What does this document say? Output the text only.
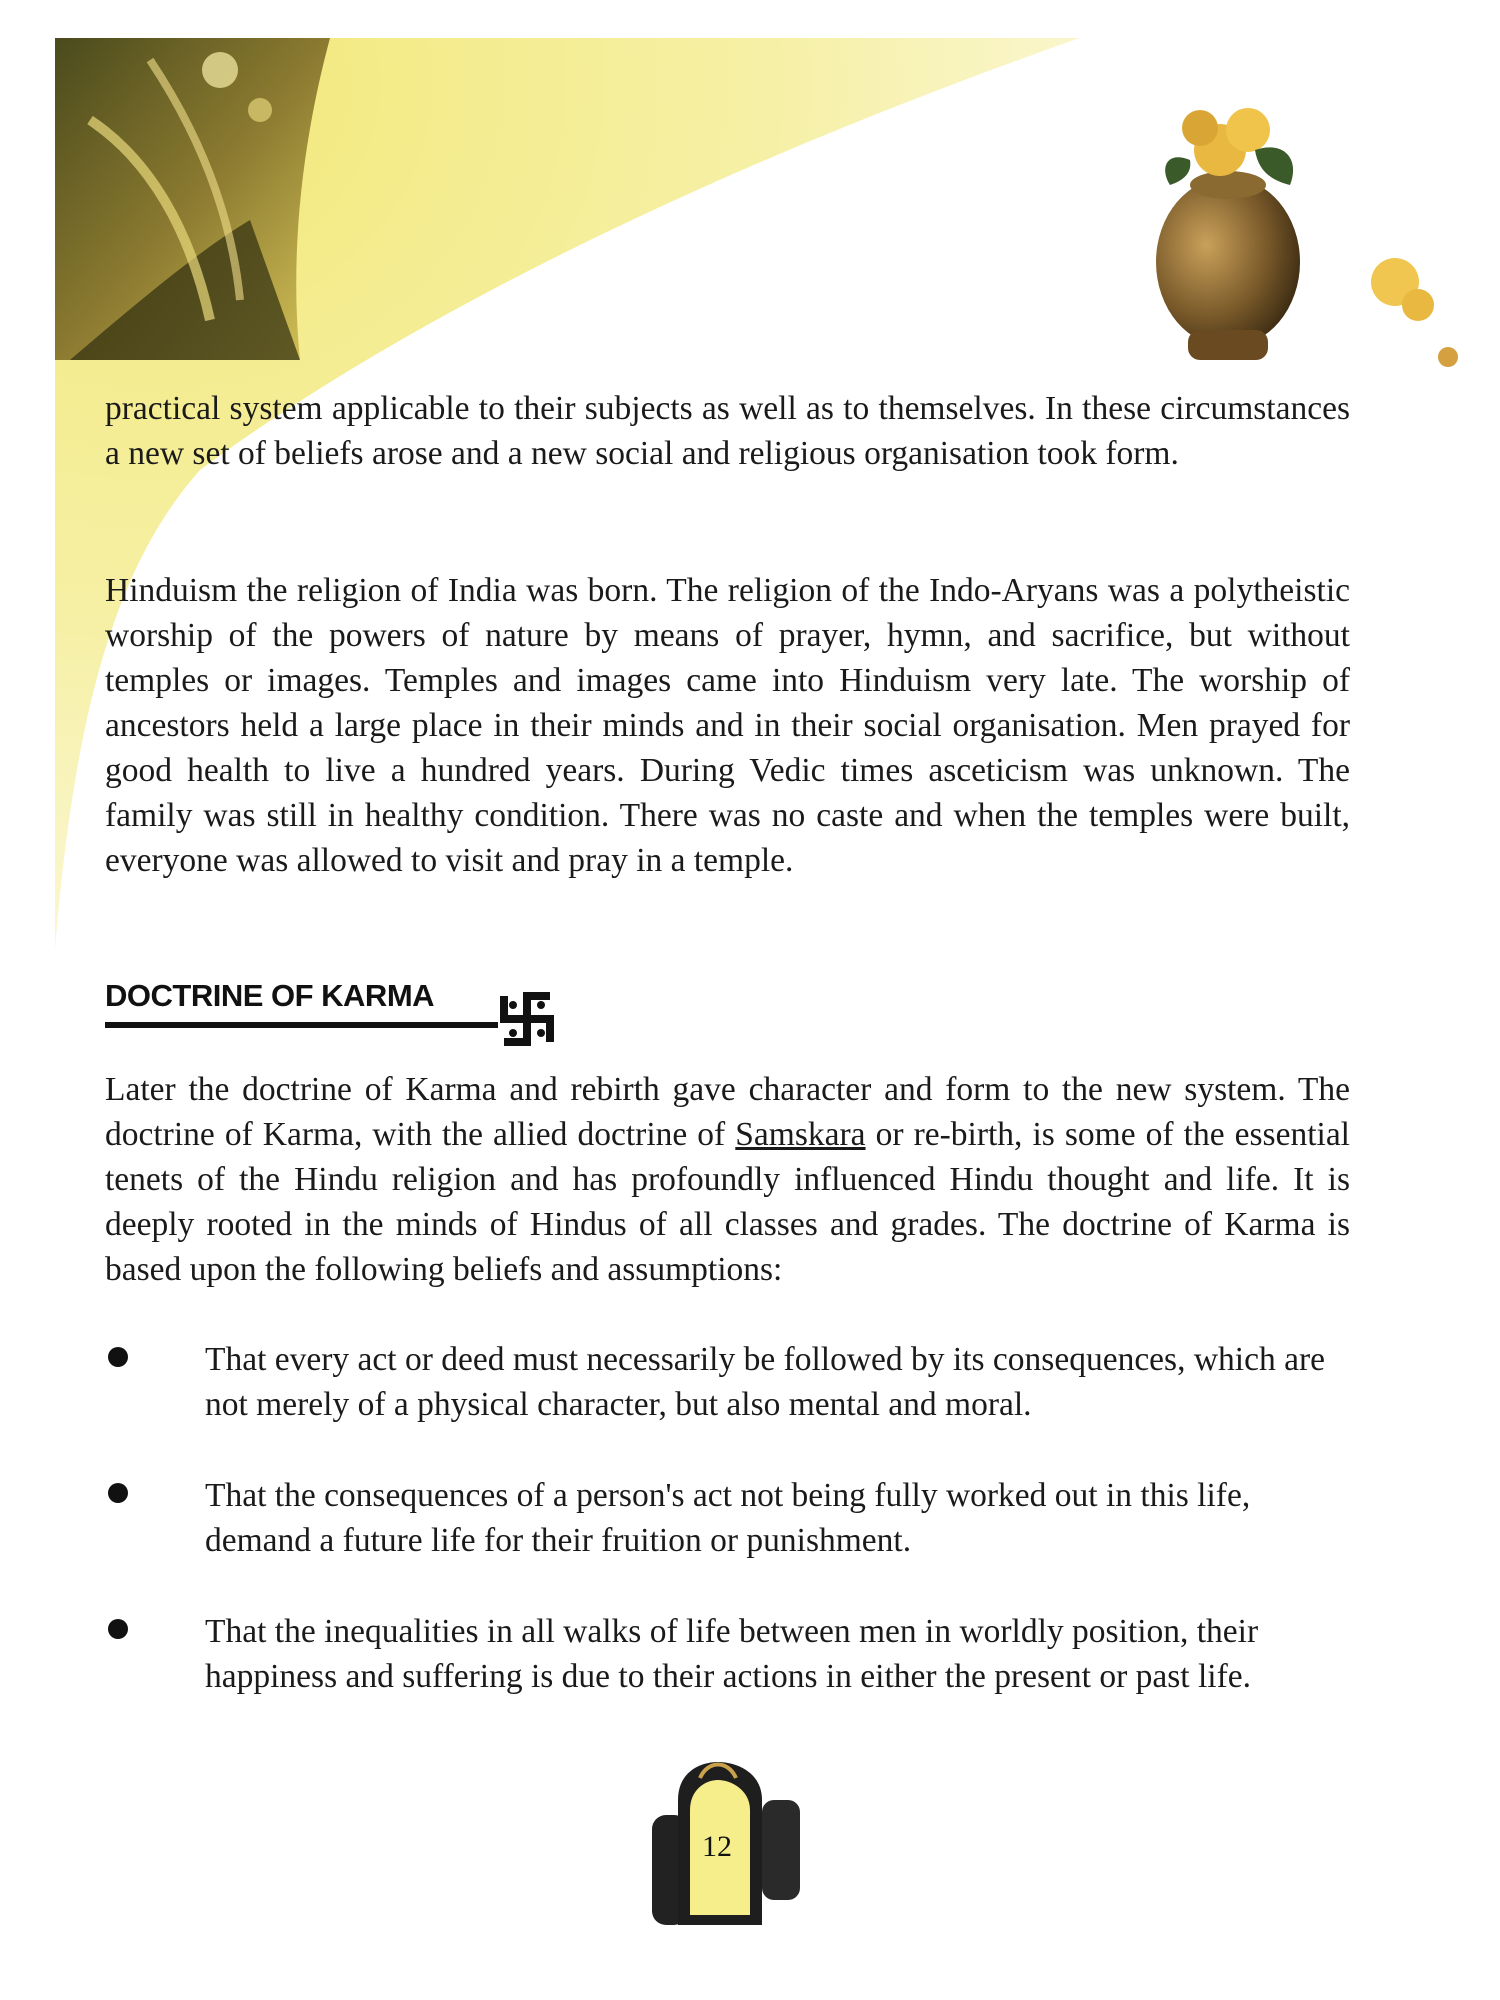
practical system applicable to their subjects as well as to themselves. In these circumstances a new set of beliefs arose and a new social and religious organisation took form.

Hinduism the religion of India was born. The religion of the Indo-Aryans was a polytheistic worship of the powers of nature by means of prayer, hymn, and sacrifice, but without temples or images. Temples and images came into Hinduism very late. The worship of ancestors held a large place in their minds and in their social organisation. Men prayed for good health to live a hundred years. During Vedic times asceticism was unknown. The family was still in healthy condition. There was no caste and when the temples were built, everyone was allowed to visit and pray in a temple.

DOCTRINE OF KARMA

Later the doctrine of Karma and rebirth gave character and form to the new system. The doctrine of Karma, with the allied doctrine of Samskara or re-birth, is some of the essential tenets of the Hindu religion and has profoundly influenced Hindu thought and life. It is deeply rooted in the minds of Hindus of all classes and grades. The doctrine of Karma is based upon the following beliefs and assumptions:

That every act or deed must necessarily be followed by its consequences, which are not merely of a physical character, but also mental and moral.
That the consequences of a person's act not being fully worked out in this life, demand a future life for their fruition or punishment.
That the inequalities in all walks of life between men in worldly position, their happiness and suffering is due to their actions in either the present or past life.
12
